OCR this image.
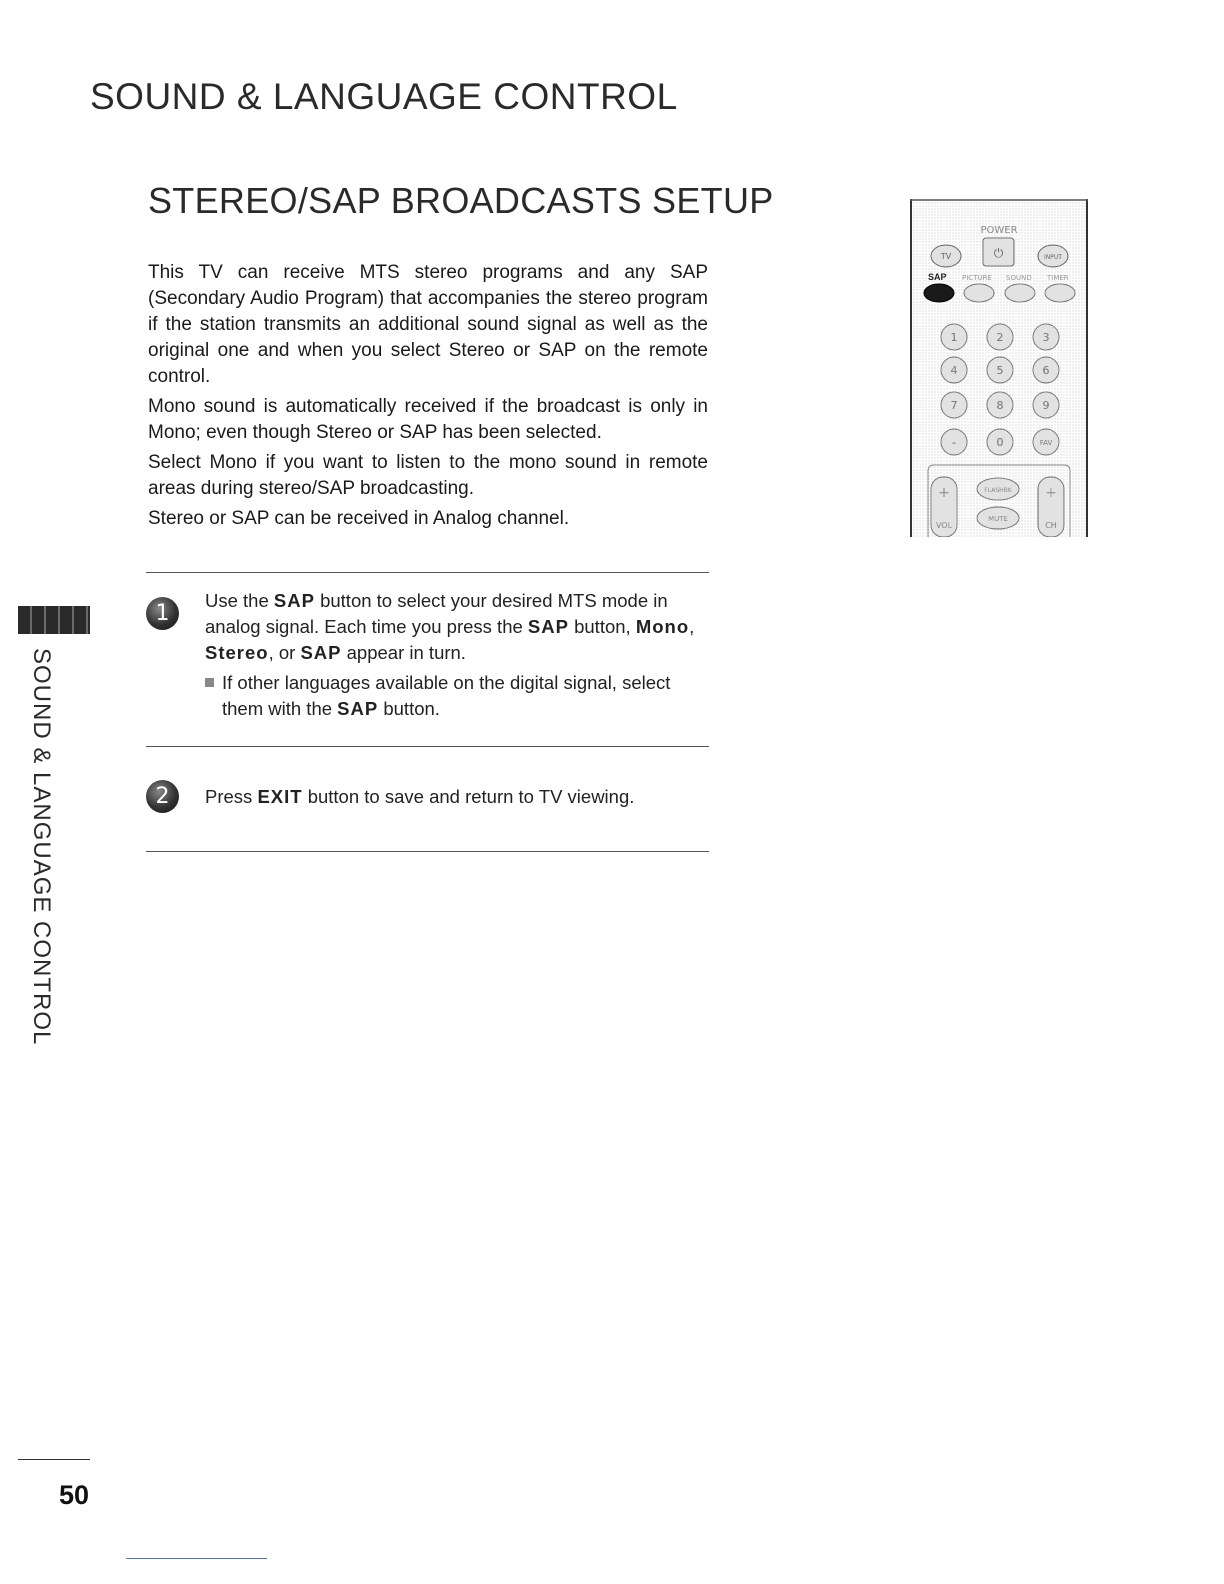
SOUND & LANGUAGE CONTROL
STEREO/SAP BROADCASTS SETUP

This TV can receive MTS stereo programs and any SAP (Secondary Audio Program) that accompanies the stereo program if the station transmits an additional sound signal as well as the original one and when you select Stereo or SAP on the remote control.

Mono sound is automatically received if the broadcast is only in Mono; even though Stereo or SAP has been selected.

Select Mono if you want to listen to the mono sound in remote areas during stereo/SAP broadcasting.

Stereo or SAP can be received in Analog channel.

1
Use the SAP button to select your desired MTS mode in analog signal. Each time you press the SAP button, Mono, Stereo, or SAP appear in turn.
If other languages available on the digital signal, select them with the SAP button.
2	Press EXIT button to save and return to TV viewing.
POWER
⏻
TV	INPUT
SAP PICTURE SOUND TIMER
1	2	3
4	5	6
7	8	9
-	0	FAV
+
VOL
+
CH
FLASHBK
MUTE
SOUND & LANGUAGE CONTROL
50
